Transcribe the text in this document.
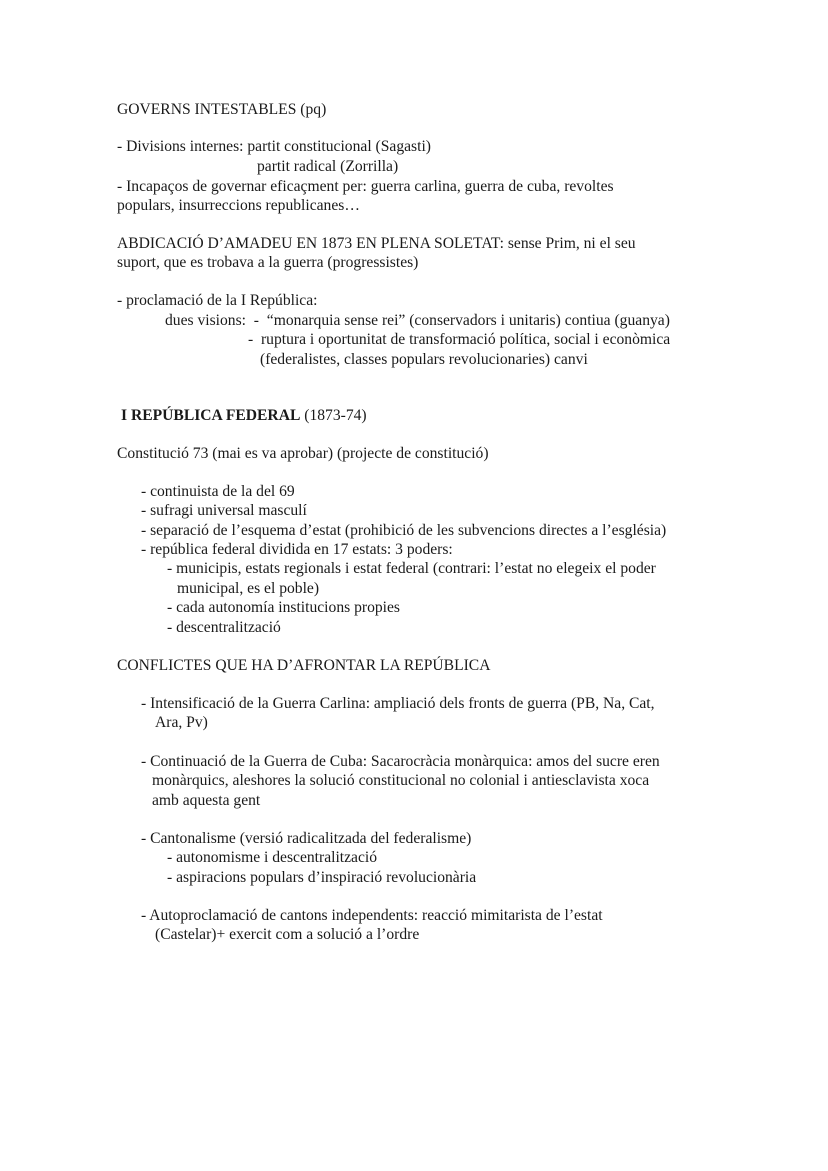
GOVERNS INTESTABLES (pq)
- Divisions internes: partit constitucional (Sagasti)
partit radical (Zorrilla)
- Incapaços de governar eficaçment per: guerra carlina, guerra de cuba, revoltes
populars, insurreccions republicanes…
ABDICACIÓ D’AMADEU EN 1873 EN PLENA SOLETAT: sense Prim, ni el seu
suport, que es trobava a la guerra (progressistes)
- proclamació de la I República:
dues visions:  -  “monarquia sense rei” (conservadors i unitaris) contiua (guanya)
-  ruptura i oportunitat de transformació política, social i econòmica
(federalistes, classes populars revolucionaries) canvi
I REPÚBLICA FEDERAL (1873-74)
Constitució 73 (mai es va aprobar) (projecte de constitució)
- continuista de la del 69
- sufragi universal masculí
- separació de l’esquema d’estat (prohibició de les subvencions directes a l’església)
- república federal dividida en 17 estats: 3 poders:
- municipis, estats regionals i estat federal (contrari: l’estat no elegeix el poder
municipal, es el poble)
- cada autonomía institucions propies
- descentralització
CONFLICTES QUE HA D’AFRONTAR LA REPÚBLICA
- Intensificació de la Guerra Carlina: ampliació dels fronts de guerra (PB, Na, Cat,
Ara, Pv)
- Continuació de la Guerra de Cuba: Sacarocràcia monàrquica: amos del sucre eren
monàrquics, aleshores la solució constitucional no colonial i antiesclavista xoca
amb aquesta gent
- Cantonalisme (versió radicalitzada del federalisme)
- autonomisme i descentralització
- aspiracions populars d’inspiració revolucionària
- Autoproclamació de cantons independents: reacció mimitarista de l’estat
(Castelar)+ exercit com a solució a l’ordre
